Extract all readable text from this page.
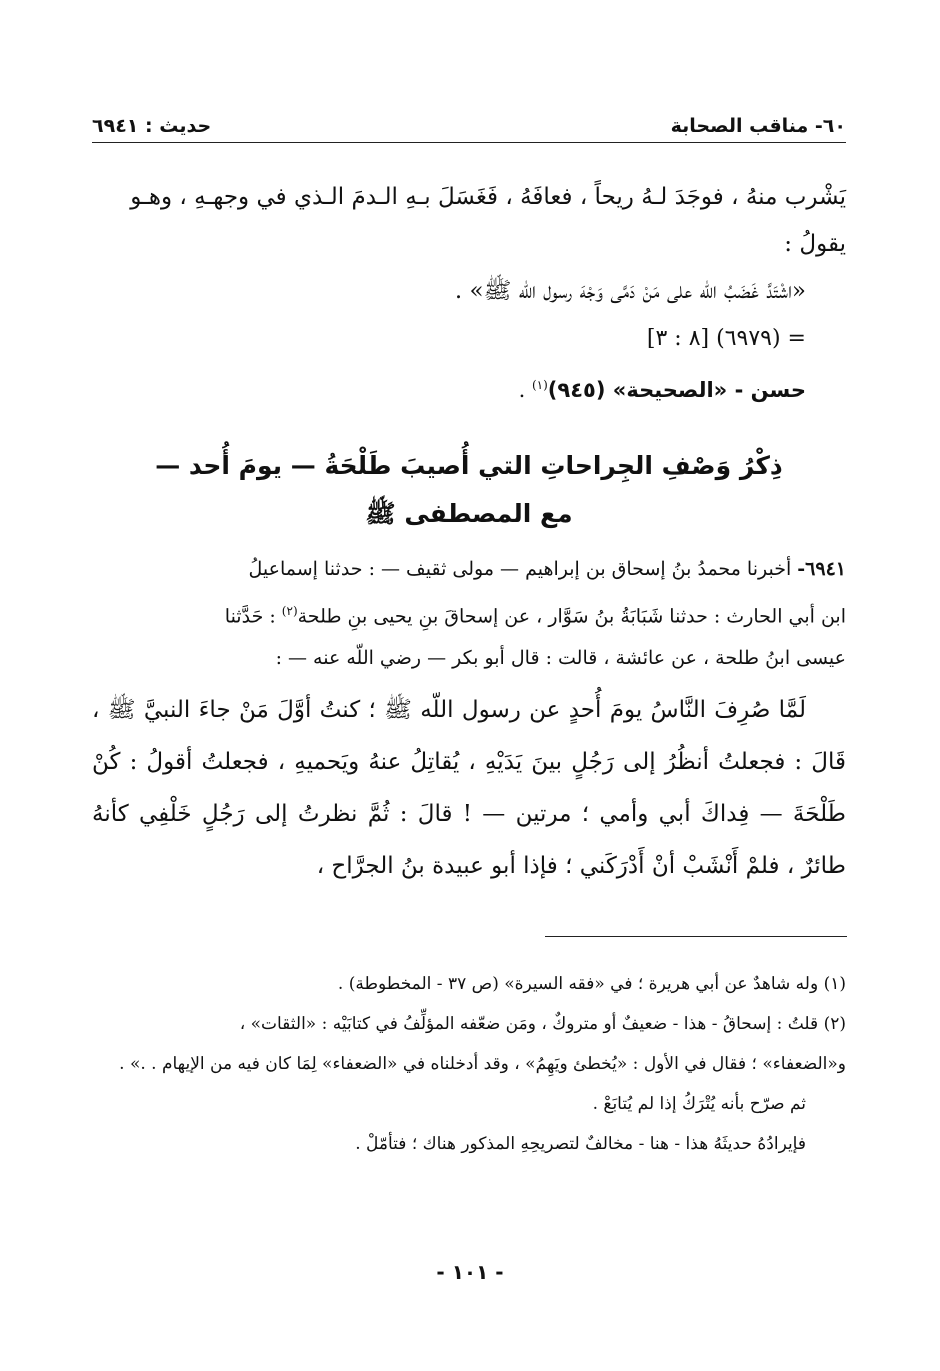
٦٠- مناقب الصحابة
حديث : ٦٩٤١

يَشْرب منهُ ، فوجَدَ لـهُ ريحاً ، فعافَهُ ، فَغَسَلَ بـهِ الـدمَ الـذي في وجهـهِ ، وهـو

يقولُ :

«اشْتَدَّ غَضَبُ اللّه على مَنْ دَمَّى وَجْهَ رسول اللّه ﷺ» .

= (٦٩٧٩) [٨ : ٣]

حسن - «الصحيحة» (٩٤٥)$^{(١)}$ .

ذِكْرُ وَصْفِ الجِراحاتِ التي أُصيبَ طَلْحَةُ — يومَ أُحد —

مع المصطفى ﷺ

٦٩٤١- أخبرنا محمدُ بنُ إسحاق بن إبراهيم — مولى ثقيف — : حدثنا إسماعيلُ

ابن أبي الحارث : حدثنا شَبَابَةُ بنُ سَوَّار ، عن إسحاقَ بنِ يحيى بنِ طلحة$^{(٢)}$ : حَدَّثنا

عيسى ابنُ طلحة ، عن عائشة ، قالت : قال أبو بكر — رضي اللّه عنه — :

لَمَّا صُرِفَ النَّاسُ يومَ أُحدٍ عن رسول اللّه ﷺ ؛ كنتُ أوَّلَ مَنْ جاءَ النبيَّ ﷺ ، قَالَ : فجعلتُ أنظُرُ إلى رَجُلٍ بينَ يَدَيْهِ ، يُقاتِلُ عنهُ ويَحميهِ ، فجعلتُ أقولُ : كُنْ طَلْحَةَ — فِداكَ أبي وأمي ؛ مرتين — ! قالَ : ثُمَّ نظرتُ إلى رَجُلٍ خَلْفِي كأنهُ طائرٌ ، فلمْ أَنْشَبْ أنْ أَدْرَكَني ؛ فإذا أبو عبيدة بنُ الجرَّاح ،

(١) وله شاهدٌ عن أبي هريرة ؛ في «فقه السيرة» (ص ٣٧ - المخطوطة) .

(٢) قلتُ : إسحاقُ - هذا - ضعيفٌ أو متروكٌ ، ومَن ضعّفه المؤلِّفُ في كتابَيْه : «الثقات» ،

و«الضعفاء» ؛ فقال في الأول : «يُخطئ ويَهِمُ» ، وقد أدخلناه في «الضعفاء» لِمَا كان فيه من الإيهام . .» .

ثم صرّح بأنه يُتْرَكُ إذا لم يُتابَعْ .

فإيرادُهُ حديثَهُ هذا - هنا - مخالفٌ لتصريحِهِ المذكور هناك ؛ فتأمّلْ .

- ١٠١ -
